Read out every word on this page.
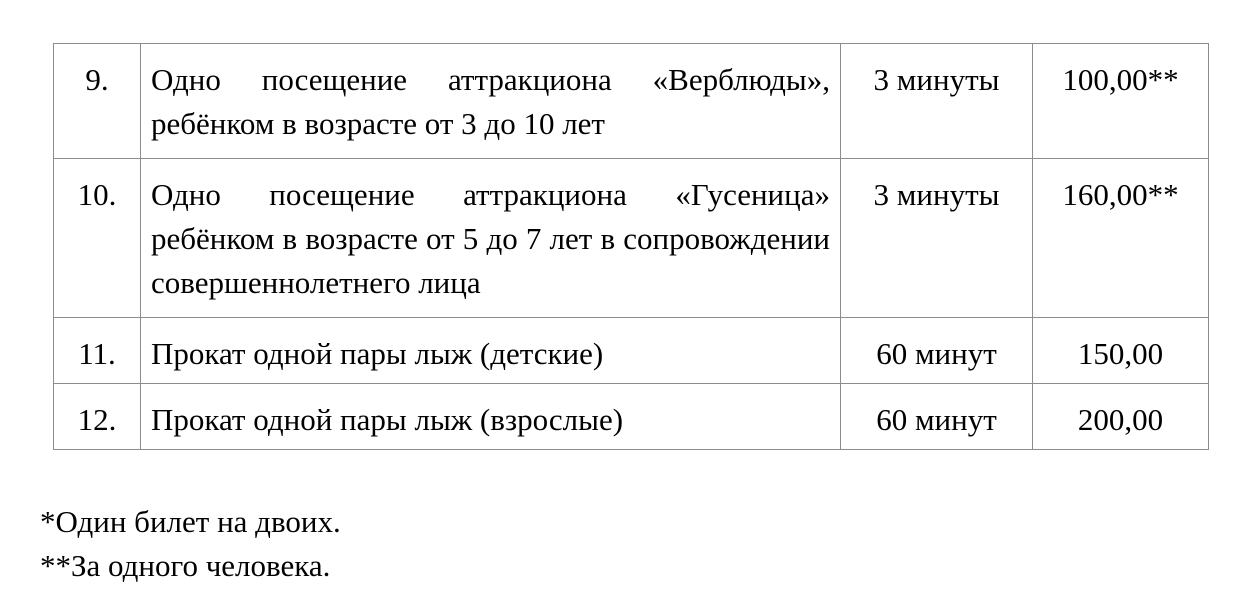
9.	Одно посещение аттракциона «Верблюды», ребёнком в возрасте от 3 до 10 лет	3 минуты	100,00**
10.	Одно посещение аттракциона «Гусеница» ребёнком в возрасте от 5 до 7 лет в сопровождении совершеннолетнего лица	3 минуты	160,00**
11.	Прокат одной пары лыж (детские)	60 минут	150,00
12.	Прокат одной пары лыж (взрослые)	60 минут	200,00
*Один билет на двоих.
**За одного человека.
